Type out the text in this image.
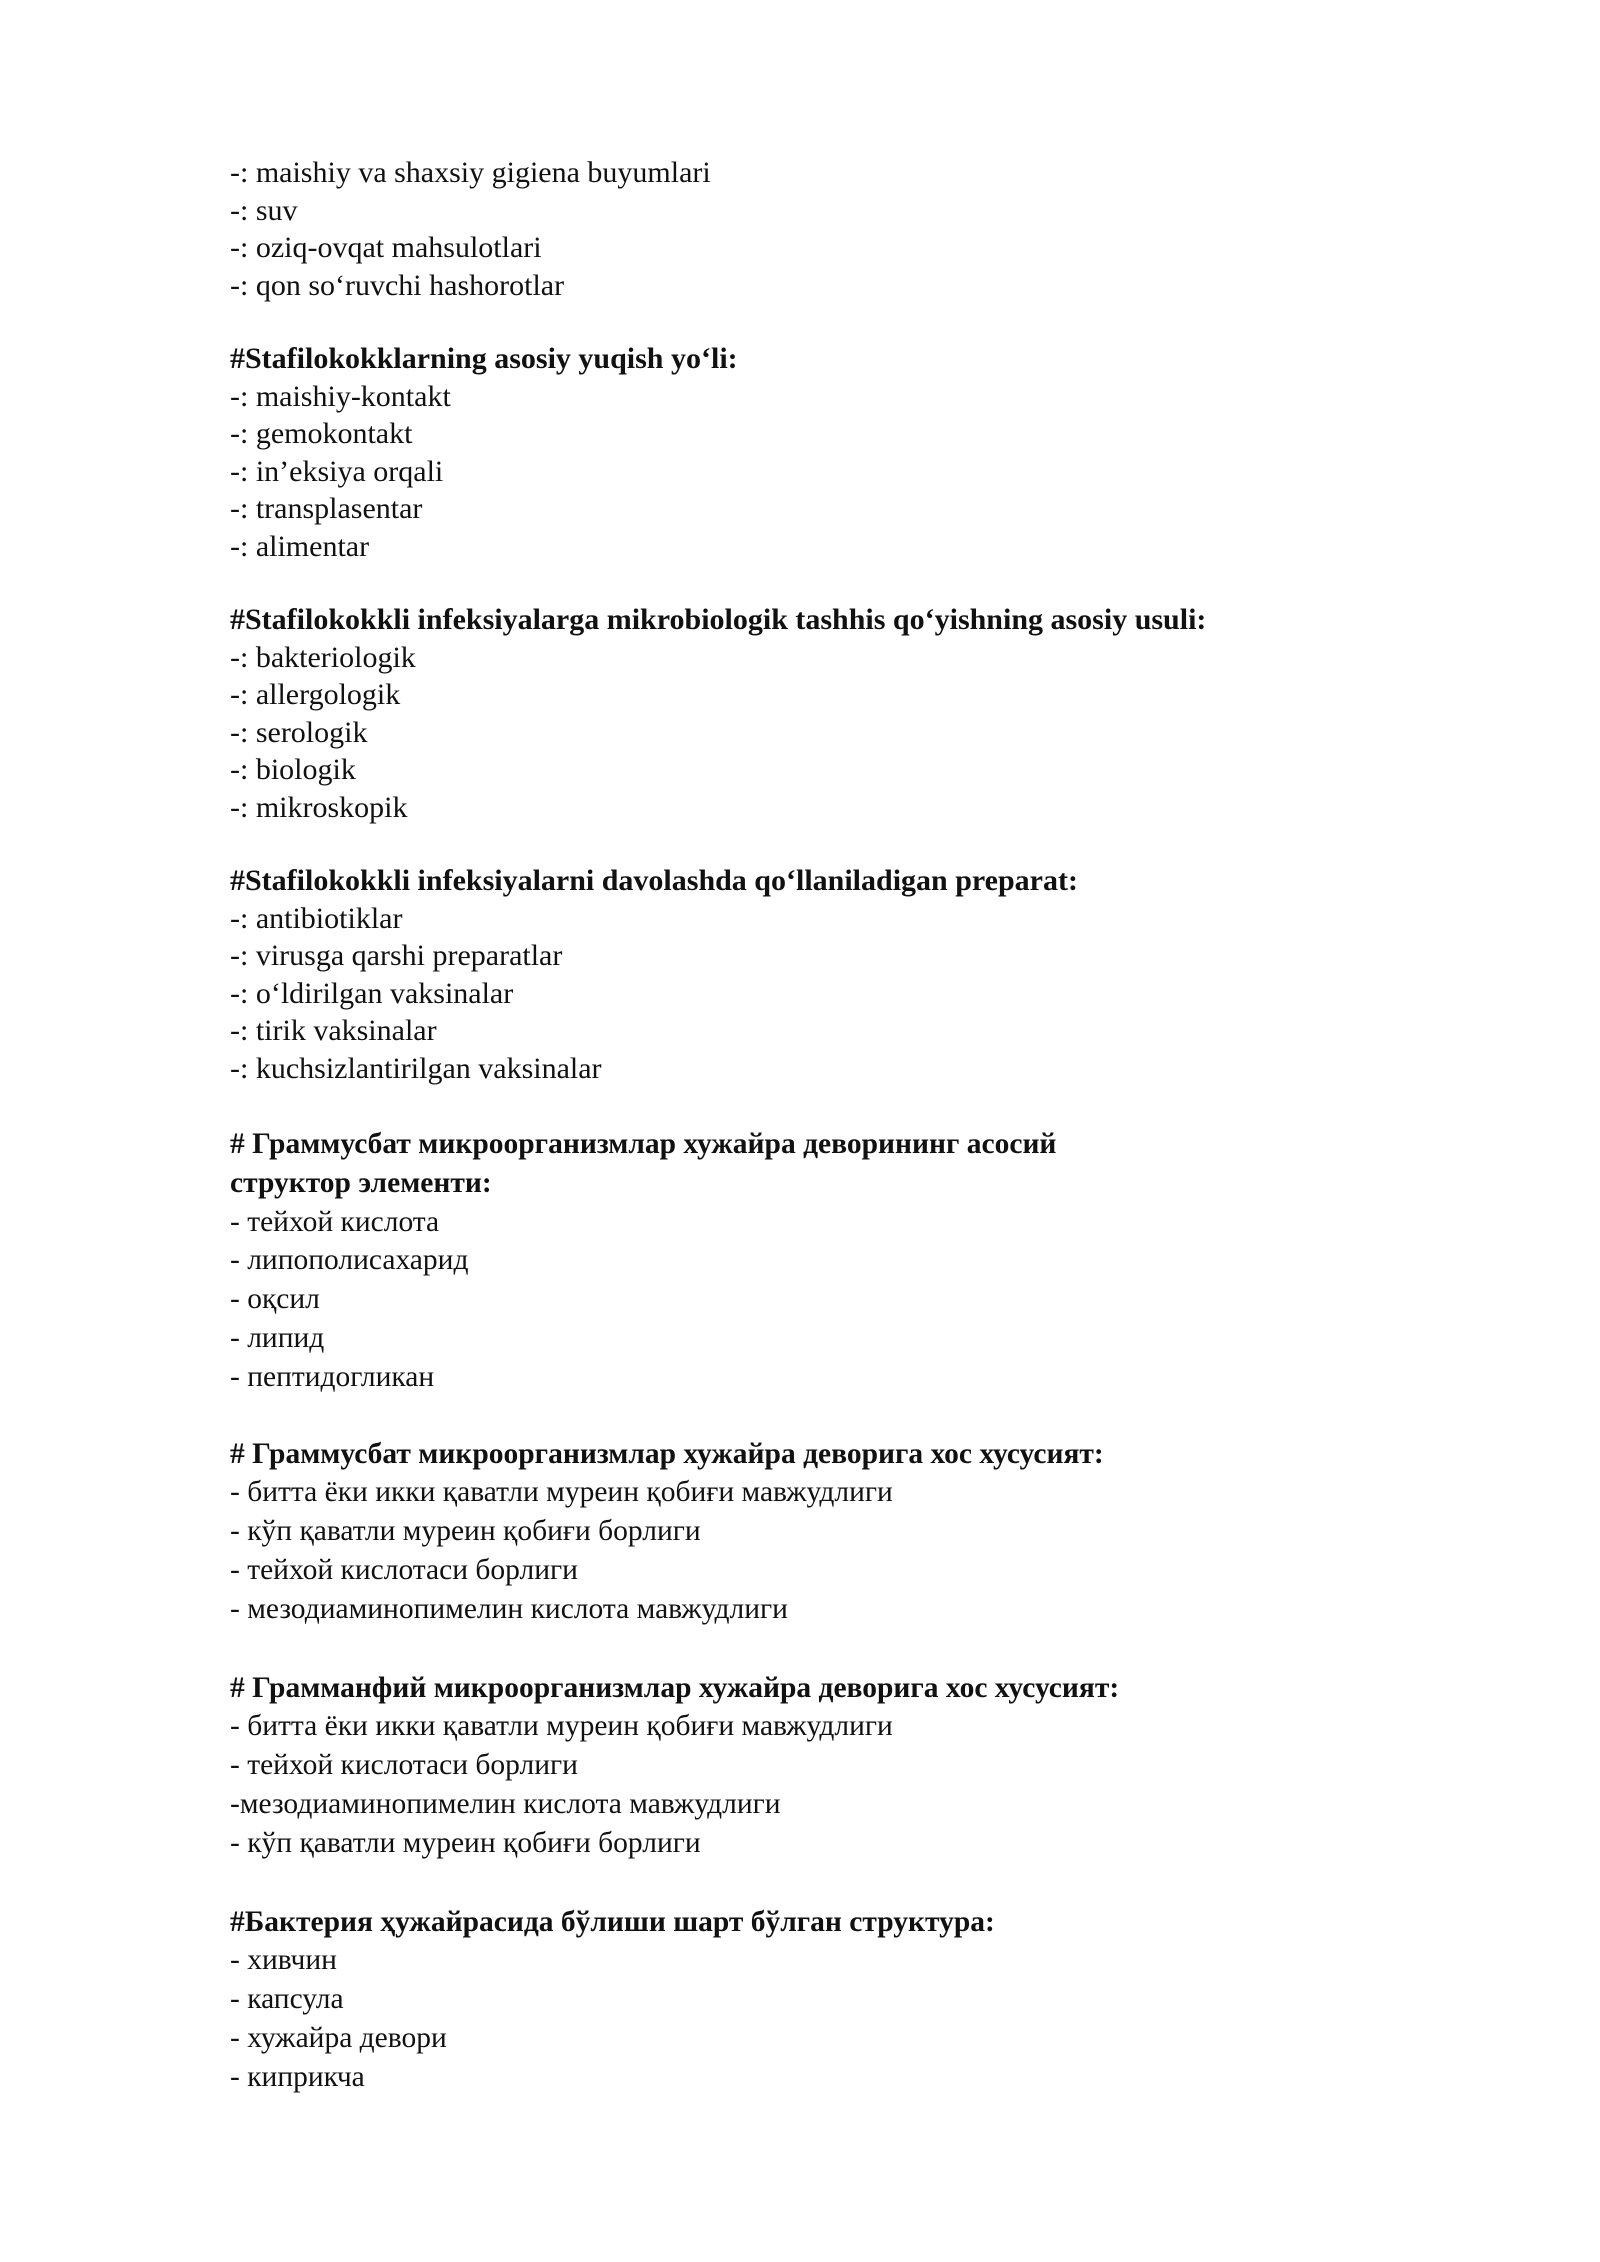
-: maishiy va shaxsiy gigiena buyumlari

-: suv

-: oziq-ovqat mahsulotlari

-: qon so‘ruvchi hashorotlar

#Stafilokokklarning asosiy yuqish yo‘li:

-: maishiy-kontakt

-: gemokontakt

-: in’eksiya orqali

-: transplasentar

-: alimentar

#Stafilokokkli infeksiyalarga mikrobiologik tashhis qo‘yishning asosiy usuli:

-: bakteriologik

-: allergologik

-: serologik

-: biologik

-: mikroskopik

#Stafilokokkli infeksiyalarni davolashda qo‘llaniladigan preparat:

-: antibiotiklar

-: virusga qarshi preparatlar

-: o‘ldirilgan vaksinalar

-: tirik vaksinalar

-: kuchsizlantirilgan vaksinalar

# Граммусбат микроорганизмлар хужайра деворининг асосий

структор элементи:

- тейхой кислота

- липополисахарид

- оқсил

- липид

- пептидогликан

# Граммусбат микроорганизмлар хужайра деворига хос хусусият:

- битта ёки икки қаватли муреин қобиғи мавжудлиги

- кўп қаватли муреин қобиғи борлиги

- тейхой кислотаси борлиги

- мезодиаминопимелин кислота мавжудлиги

# Грамманфий микроорганизмлар хужайра деворига хос хусусият:

- битта ёки икки қаватли муреин қобиғи мавжудлиги

- тейхой кислотаси борлиги

-мезодиаминопимелин кислота мавжудлиги

- кўп қаватли муреин қобиғи борлиги

#Бактерия ҳужайрасида бўлиши шарт бўлган структура:

- хивчин

- капсула

- хужайра девори

- киприкча
